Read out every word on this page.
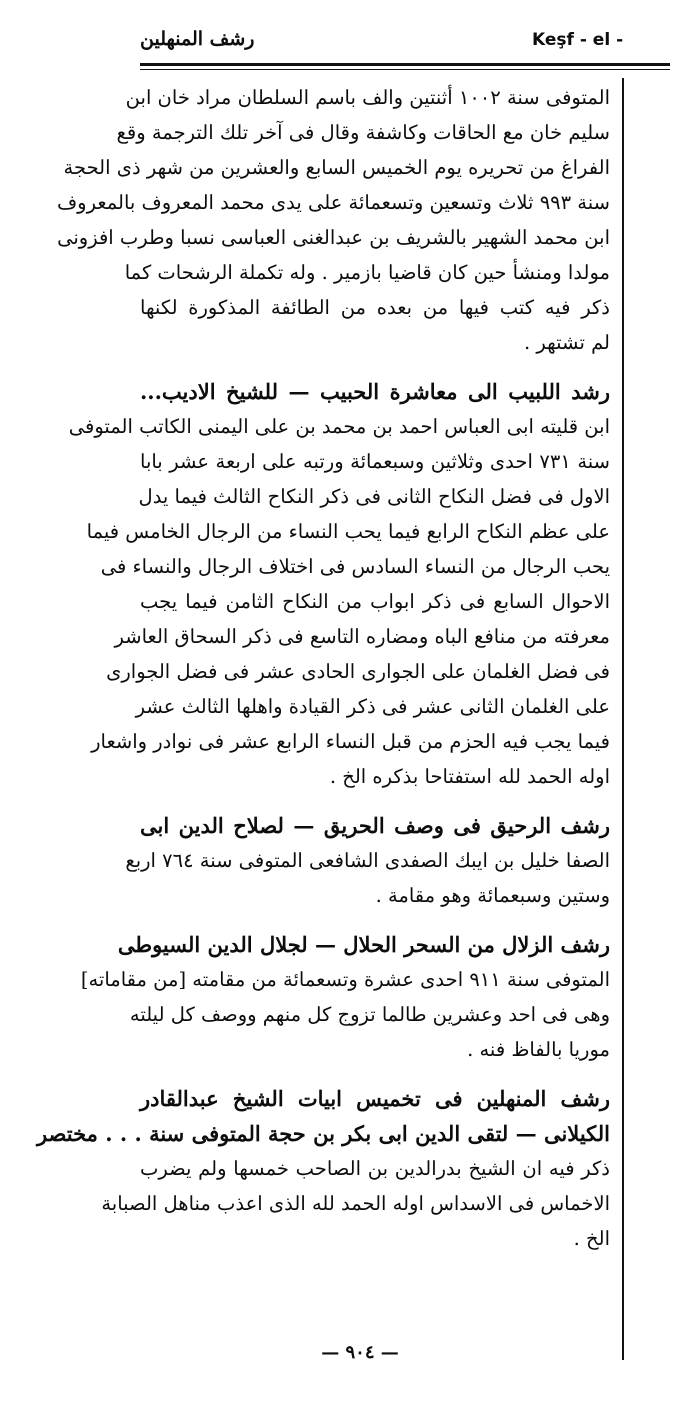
رشف المنهلين	Keşf - el -
المتوفى سنة ١٠٠٢ أثنتين والف باسم السلطان مراد خان ابن
سليم خان مع الحاقات وكاشفة وقال فى آخر تلك الترجمة وقع
الفراغ من تحريره يوم الخميس السابع والعشرين من شهر ذى الحجة
سنة ٩٩٣ ثلاث وتسعين وتسعمائة على يدى محمد المعروف بالمعروف
ابن محمد الشهير بالشريف بن عبدالغنى العباسى نسبا وطرب افزونى
مولدا ومنشأ حين كان قاضيا بازمير . وله تكملة الرشحات كما
ذكر فيه كتب فيها من بعده من الطائفة المذكورة لكنها
لم تشتهر .
رشد اللبيب الى معاشرة الحبيب — للشيخ الاديب...
ابن قليته ابى العباس احمد بن محمد بن على اليمنى الكاتب المتوفى
سنة ٧٣١ احدى وثلاثين وسبعمائة ورتبه على اربعة عشر بابا
الاول فى فضل النكاح الثانى فى ذكر النكاح الثالث فيما يدل
على عظم النكاح الرابع فيما يحب النساء من الرجال الخامس فيما
يحب الرجال من النساء السادس فى اختلاف الرجال والنساء فى
الاحوال السابع فى ذكر ابواب من النكاح الثامن فيما يجب
معرفته من منافع الباه ومضاره التاسع فى ذكر السحاق العاشر
فى فضل الغلمان على الجوارى الحادى عشر فى فضل الجوارى
على الغلمان الثانى عشر فى ذكر القيادة واهلها الثالث عشر
فيما يجب فيه الحزم من قبل النساء الرابع عشر فى نوادر واشعار
اوله الحمد لله استفتاحا بذكره الخ .
رشف الرحيق فى وصف الحريق — لصلاح الدين ابى
الصفا خليل بن ايبك الصفدى الشافعى المتوفى سنة ٧٦٤ اربع
وستين وسبعمائة وهو مقامة .
رشف الزلال من السحر الحلال — لجلال الدين السيوطى
المتوفى سنة ٩١١ احدى عشرة وتسعمائة من مقامته [من مقاماته]
وهى فى احد وعشرين طالما تزوج كل منهم ووصف كل ليلته
موريا بالفاظ فنه .
رشف المنهلين فى تخميس ابيات الشيخ عبدالقادر
الكيلانى — لتقى الدين ابى بكر بن حجة المتوفى سنة . . . مختصر
ذكر فيه ان الشيخ بدرالدين بن الصاحب خمسها ولم يضرب
الاخماس فى الاسداس اوله الحمد لله الذى اعذب مناهل الصبابة
الخ .
— ٩٠٤ —
